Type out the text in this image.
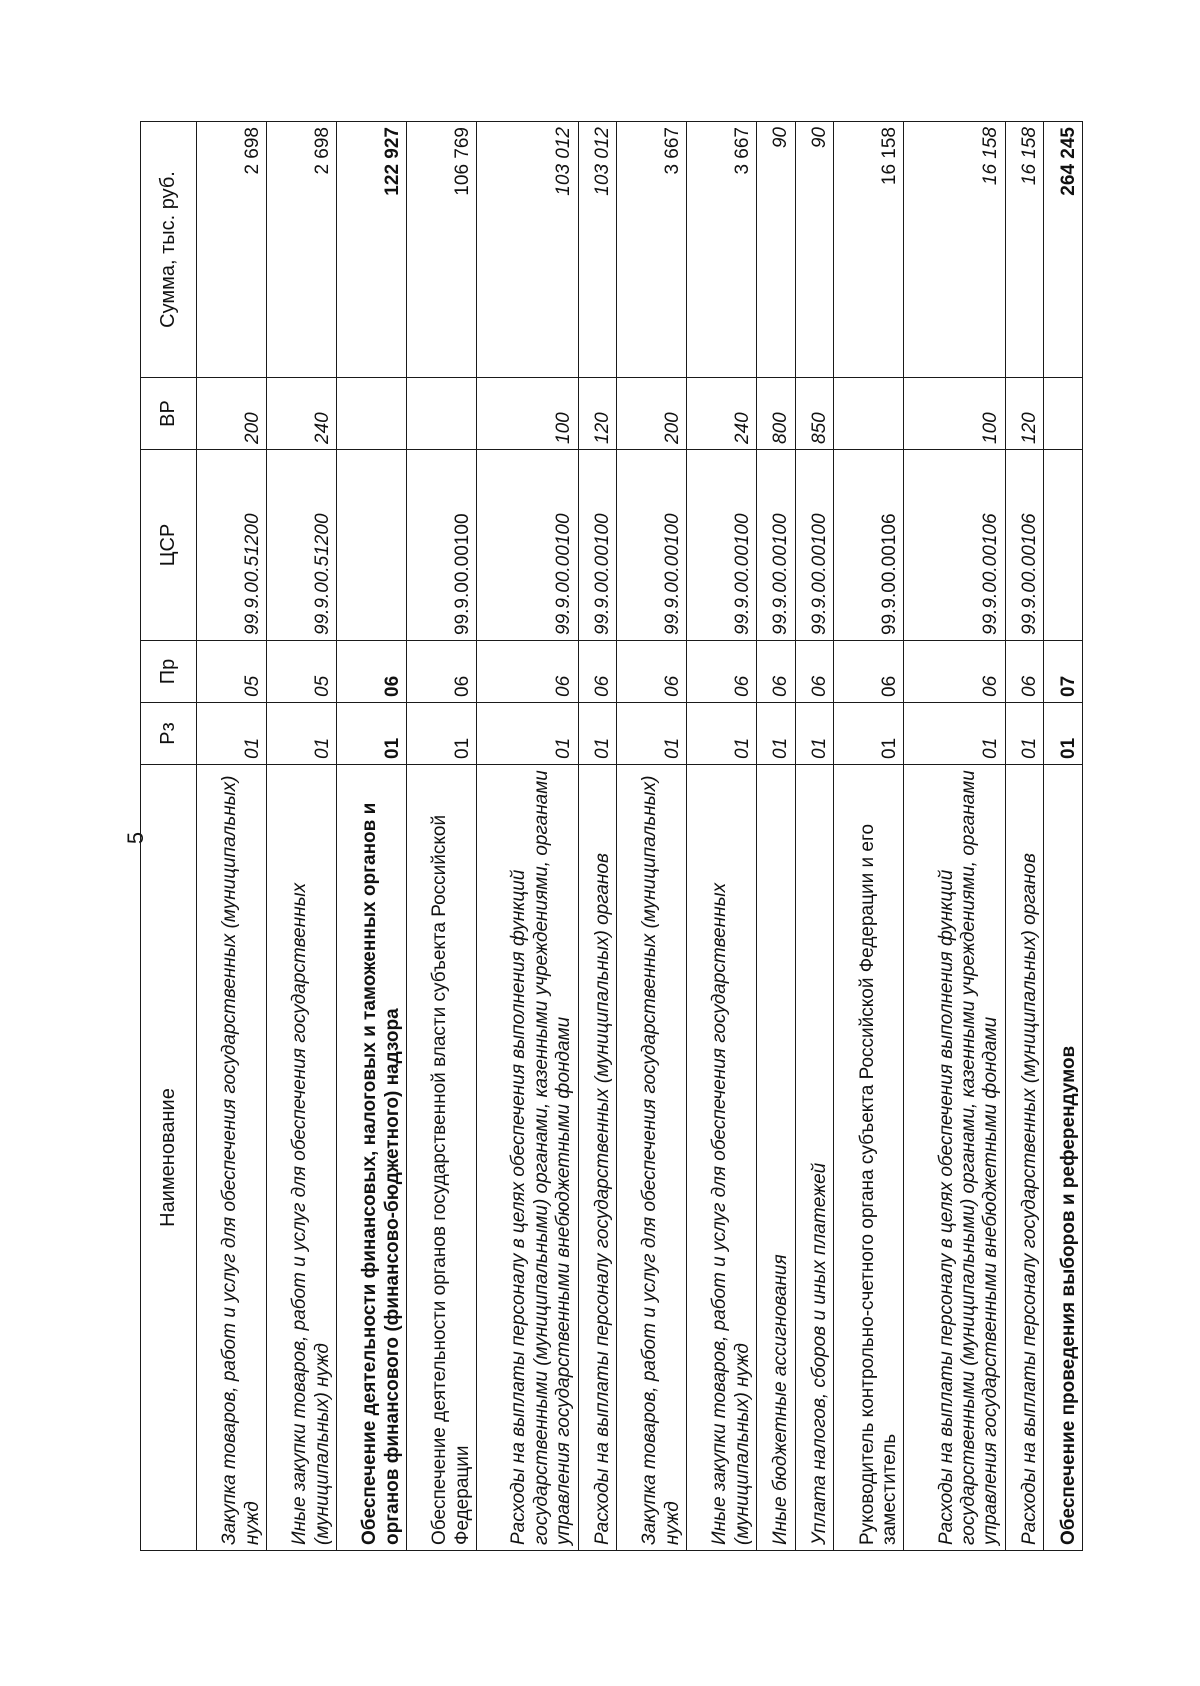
5
Наименование	Рз	Пр	ЦСР	ВР	Сумма, тыс. руб.
Закупка товаров, работ и услуг для обеспечения государственных (муниципальных) нужд	01	05	99.9.00.51200	200	2 698
Иные закупки товаров, работ и услуг для обеспечения государственных (муниципальных) нужд	01	05	99.9.00.51200	240	2 698
Обеспечение деятельности финансовых, налоговых и таможенных органов и органов финансового (финансово-бюджетного) надзора	01	06			122 927
Обеспечение деятельности органов государственной власти субъекта Российской Федерации	01	06	99.9.00.00100		106 769
Расходы на выплаты персоналу в целях обеспечения выполнения функций государственными (муниципальными) органами, казенными учреждениями, органами управления государственными внебюджетными фондами	01	06	99.9.00.00100	100	103 012
Расходы на выплаты персоналу государственных (муниципальных) органов	01	06	99.9.00.00100	120	103 012
Закупка товаров, работ и услуг для обеспечения государственных (муниципальных) нужд	01	06	99.9.00.00100	200	3 667
Иные закупки товаров, работ и услуг для обеспечения государственных (муниципальных) нужд	01	06	99.9.00.00100	240	3 667
Иные бюджетные ассигнования	01	06	99.9.00.00100	800	90
Уплата налогов, сборов и иных платежей	01	06	99.9.00.00100	850	90
Руководитель контрольно-счетного органа субъекта Российской Федерации и его заместитель	01	06	99.9.00.00106		16 158
Расходы на выплаты персоналу в целях обеспечения выполнения функций государственными (муниципальными) органами, казенными учреждениями, органами управления государственными внебюджетными фондами	01	06	99.9.00.00106	100	16 158
Расходы на выплаты персоналу государственных (муниципальных) органов	01	06	99.9.00.00106	120	16 158
Обеспечение проведения выборов и референдумов	01	07			264 245
